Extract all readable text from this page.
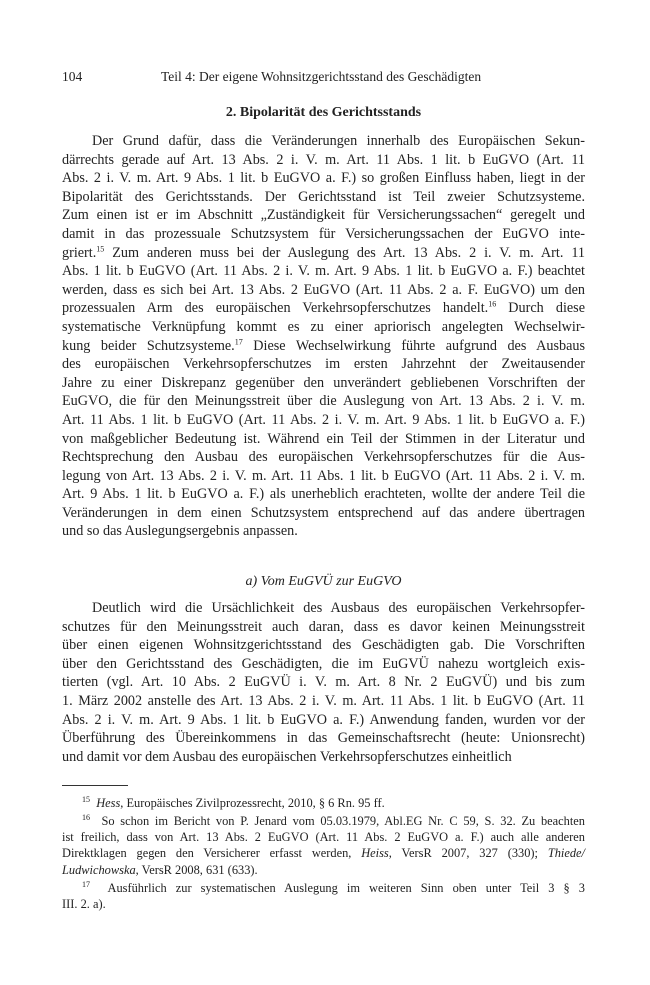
104	Teil 4: Der eigene Wohnsitzgerichtsstand des Geschädigten
2. Bipolarität des Gerichtsstands
Der Grund dafür, dass die Veränderungen innerhalb des Europäischen Sekun-
därrechts gerade auf Art. 13 Abs. 2 i. V. m. Art. 11 Abs. 1 lit. b EuGVO (Art. 11
Abs. 2 i. V. m. Art. 9 Abs. 1 lit. b EuGVO a. F.) so großen Einfluss haben, liegt in der
Bipolarität des Gerichtsstands. Der Gerichtsstand ist Teil zweier Schutzsysteme.
Zum einen ist er im Abschnitt „Zuständigkeit für Versicherungssachen“ geregelt und
damit in das prozessuale Schutzsystem für Versicherungssachen der EuGVO inte-
griert.$^{15}$ Zum anderen muss bei der Auslegung des Art. 13 Abs. 2 i. V. m. Art. 11
Abs. 1 lit. b EuGVO (Art. 11 Abs. 2 i. V. m. Art. 9 Abs. 1 lit. b EuGVO a. F.) beachtet
werden, dass es sich bei Art. 13 Abs. 2 EuGVO (Art. 11 Abs. 2 a. F. EuGVO) um den
prozessualen Arm des europäischen Verkehrsopferschutzes handelt.$^{16}$ Durch diese
systematische Verknüpfung kommt es zu einer apriorisch angelegten Wechselwir-
kung beider Schutzsysteme.$^{17}$ Diese Wechselwirkung führte aufgrund des Ausbaus
des europäischen Verkehrsopferschutzes im ersten Jahrzehnt der Zweitausender
Jahre zu einer Diskrepanz gegenüber den unverändert gebliebenen Vorschriften der
EuGVO, die für den Meinungsstreit über die Auslegung von Art. 13 Abs. 2 i. V. m.
Art. 11 Abs. 1 lit. b EuGVO (Art. 11 Abs. 2 i. V. m. Art. 9 Abs. 1 lit. b EuGVO a. F.)
von maßgeblicher Bedeutung ist. Während ein Teil der Stimmen in der Literatur und
Rechtsprechung den Ausbau des europäischen Verkehrsopferschutzes für die Aus-
legung von Art. 13 Abs. 2 i. V. m. Art. 11 Abs. 1 lit. b EuGVO (Art. 11 Abs. 2 i. V. m.
Art. 9 Abs. 1 lit. b EuGVO a. F.) als unerheblich erachteten, wollte der andere Teil die
Veränderungen in dem einen Schutzsystem entsprechend auf das andere übertragen
und so das Auslegungsergebnis anpassen.
a) Vom EuGVÜ zur EuGVO
Deutlich wird die Ursächlichkeit des Ausbaus des europäischen Verkehrsopfer-
schutzes für den Meinungsstreit auch daran, dass es davor keinen Meinungsstreit
über einen eigenen Wohnsitzgerichtsstand des Geschädigten gab. Die Vorschriften
über den Gerichtsstand des Geschädigten, die im EuGVÜ nahezu wortgleich exis-
tierten (vgl. Art. 10 Abs. 2 EuGVÜ i. V. m. Art. 8 Nr. 2 EuGVÜ) und bis zum
1. März 2002 anstelle des Art. 13 Abs. 2 i. V. m. Art. 11 Abs. 1 lit. b EuGVO (Art. 11
Abs. 2 i. V. m. Art. 9 Abs. 1 lit. b EuGVO a. F.) Anwendung fanden, wurden vor der
Überführung des Übereinkommens in das Gemeinschaftsrecht (heute: Unionsrecht)
und damit vor dem Ausbau des europäischen Verkehrsopferschutzes einheitlich
$^{15}$ Hess, Europäisches Zivilprozessrecht, 2010, § 6 Rn. 95 ff.
$^{16}$ So schon im Bericht von P. Jenard vom 05.03.1979, Abl.EG Nr. C 59, S. 32. Zu beachten
ist freilich, dass von Art. 13 Abs. 2 EuGVO (Art. 11 Abs. 2 EuGVO a. F.) auch alle anderen
Direktklagen gegen den Versicherer erfasst werden, Heiss, VersR 2007, 327 (330); Thiede/
Ludwichowska, VersR 2008, 631 (633).
$^{17}$ Ausführlich zur systematischen Auslegung im weiteren Sinn oben unter Teil 3 § 3
III. 2. a).
